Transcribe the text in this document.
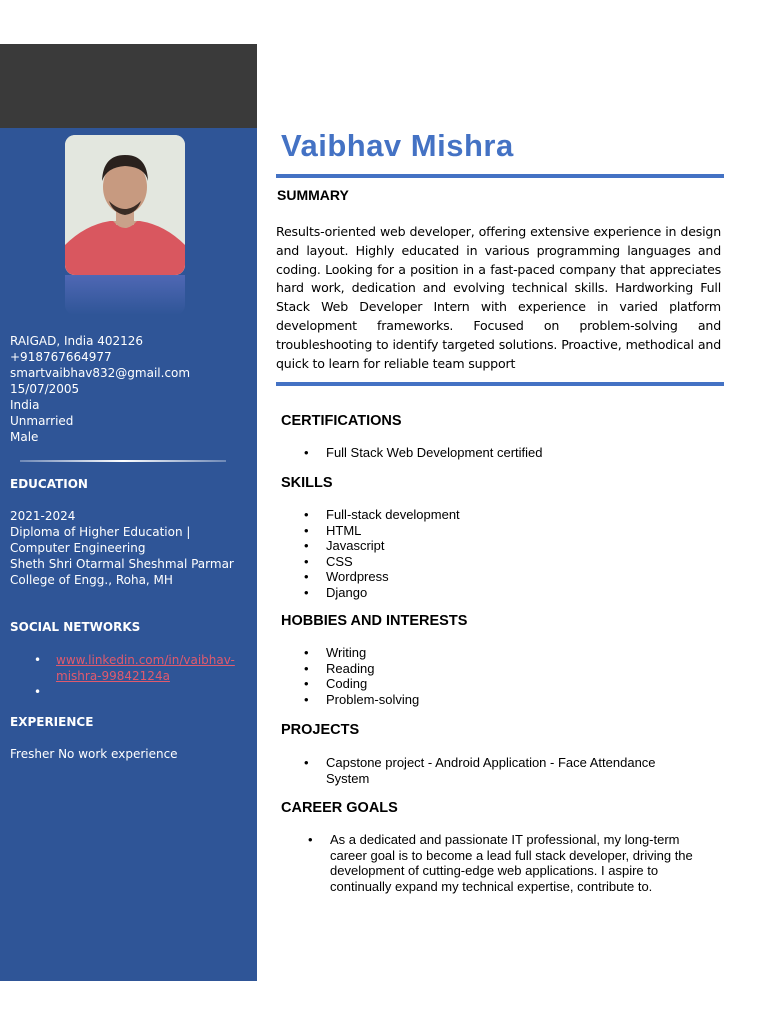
RAIGAD, India 402126
+918767664977
smartvaibhav832@gmail.com
15/07/2005
India
Unmarried
Male
EDUCATION
2021-2024
Diploma of Higher Education |
Computer Engineering
Sheth Shri Otarmal Sheshmal Parmar
College of Engg., Roha, MH
SOCIAL NETWORKS
• www.linkedin.com/in/vaibhav-
mishra-99842124a
•
EXPERIENCE
Fresher No work experience
Vaibhav Mishra
SUMMARY
Results-oriented web developer, offering extensive experience in design and layout. Highly educated in various programming languages and coding. Looking for a position in a fast-paced company that appreciates hard work, dedication and evolving technical skills. Hardworking Full Stack Web Developer Intern with experience in varied platform development frameworks. Focused on problem-solving and troubleshooting to identify targeted solutions. Proactive, methodical and quick to learn for reliable team support
CERTIFICATIONS
• Full Stack Web Development certified
SKILLS
• Full-stack development
• HTML
• Javascript
• CSS
• Wordpress
• Django
HOBBIES AND INTERESTS
• Writing
• Reading
• Coding
• Problem-solving
PROJECTS
• Capstone project - Android Application - Face Attendance
System
CAREER GOALS
• As a dedicated and passionate IT professional, my long-term
career goal is to become a lead full stack developer, driving the
development of cutting-edge web applications. I aspire to
continually expand my technical expertise, contribute to.
